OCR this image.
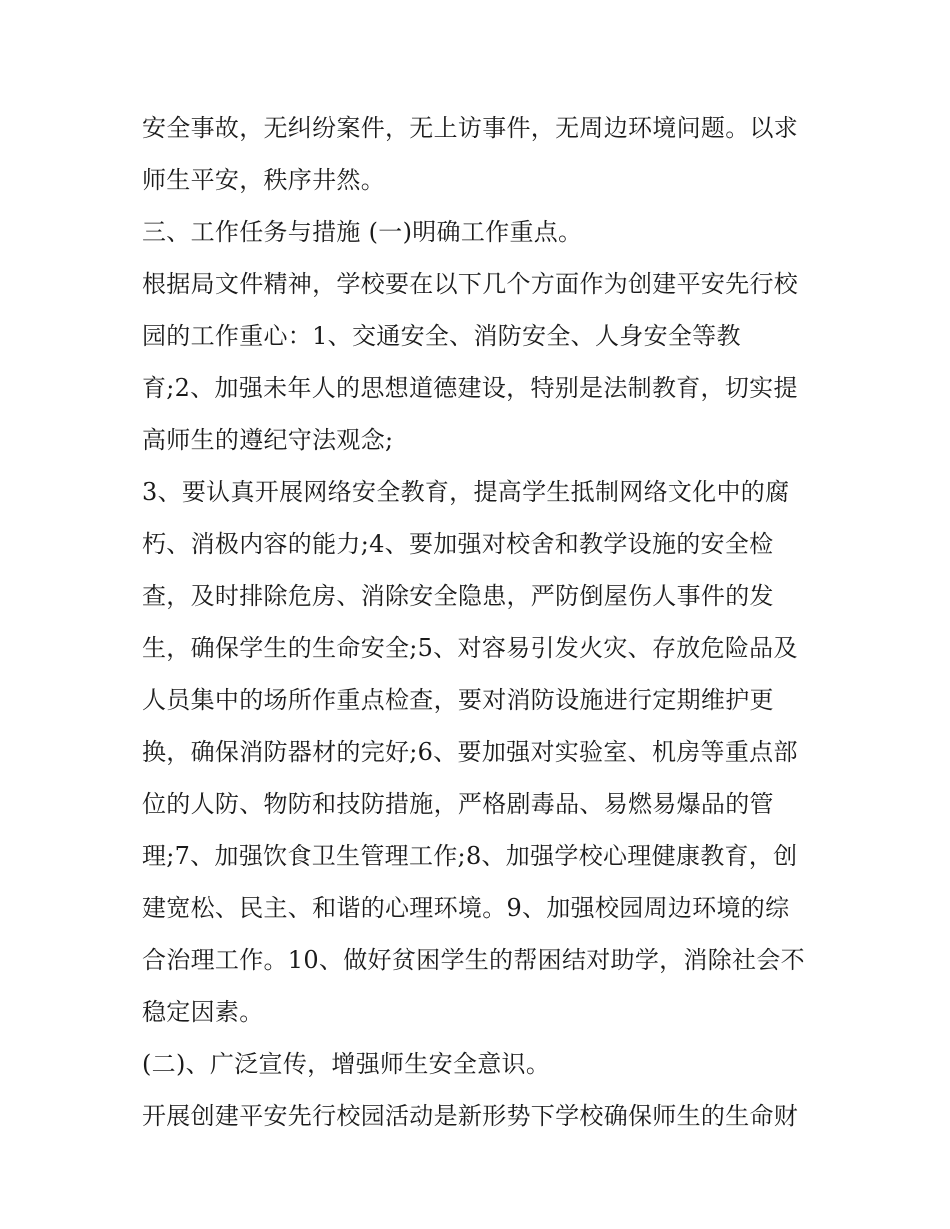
安全事故，无纠纷案件，无上访事件，无周边环境问题。以求
师生平安，秩序井然。
三、工作任务与措施 (一)明确工作重点。
根据局文件精神，学校要在以下几个方面作为创建平安先行校
园的工作重心：1、交通安全、消防安全、人身安全等教
育;2、加强未年人的思想道德建设，特别是法制教育，切实提
高师生的遵纪守法观念;
3、要认真开展网络安全教育，提高学生抵制网络文化中的腐
朽、消极内容的能力;4、要加强对校舍和教学设施的安全检
查，及时排除危房、消除安全隐患，严防倒屋伤人事件的发
生，确保学生的生命安全;5、对容易引发火灾、存放危险品及
人员集中的场所作重点检查，要对消防设施进行定期维护更
换，确保消防器材的完好;6、要加强对实验室、机房等重点部
位的人防、物防和技防措施，严格剧毒品、易燃易爆品的管
理;7、加强饮食卫生管理工作;8、加强学校心理健康教育，创
建宽松、民主、和谐的心理环境。9、加强校园周边环境的综
合治理工作。10、做好贫困学生的帮困结对助学，消除社会不
稳定因素。
(二)、广泛宣传，增强师生安全意识。
开展创建平安先行校园活动是新形势下学校确保师生的生命财
